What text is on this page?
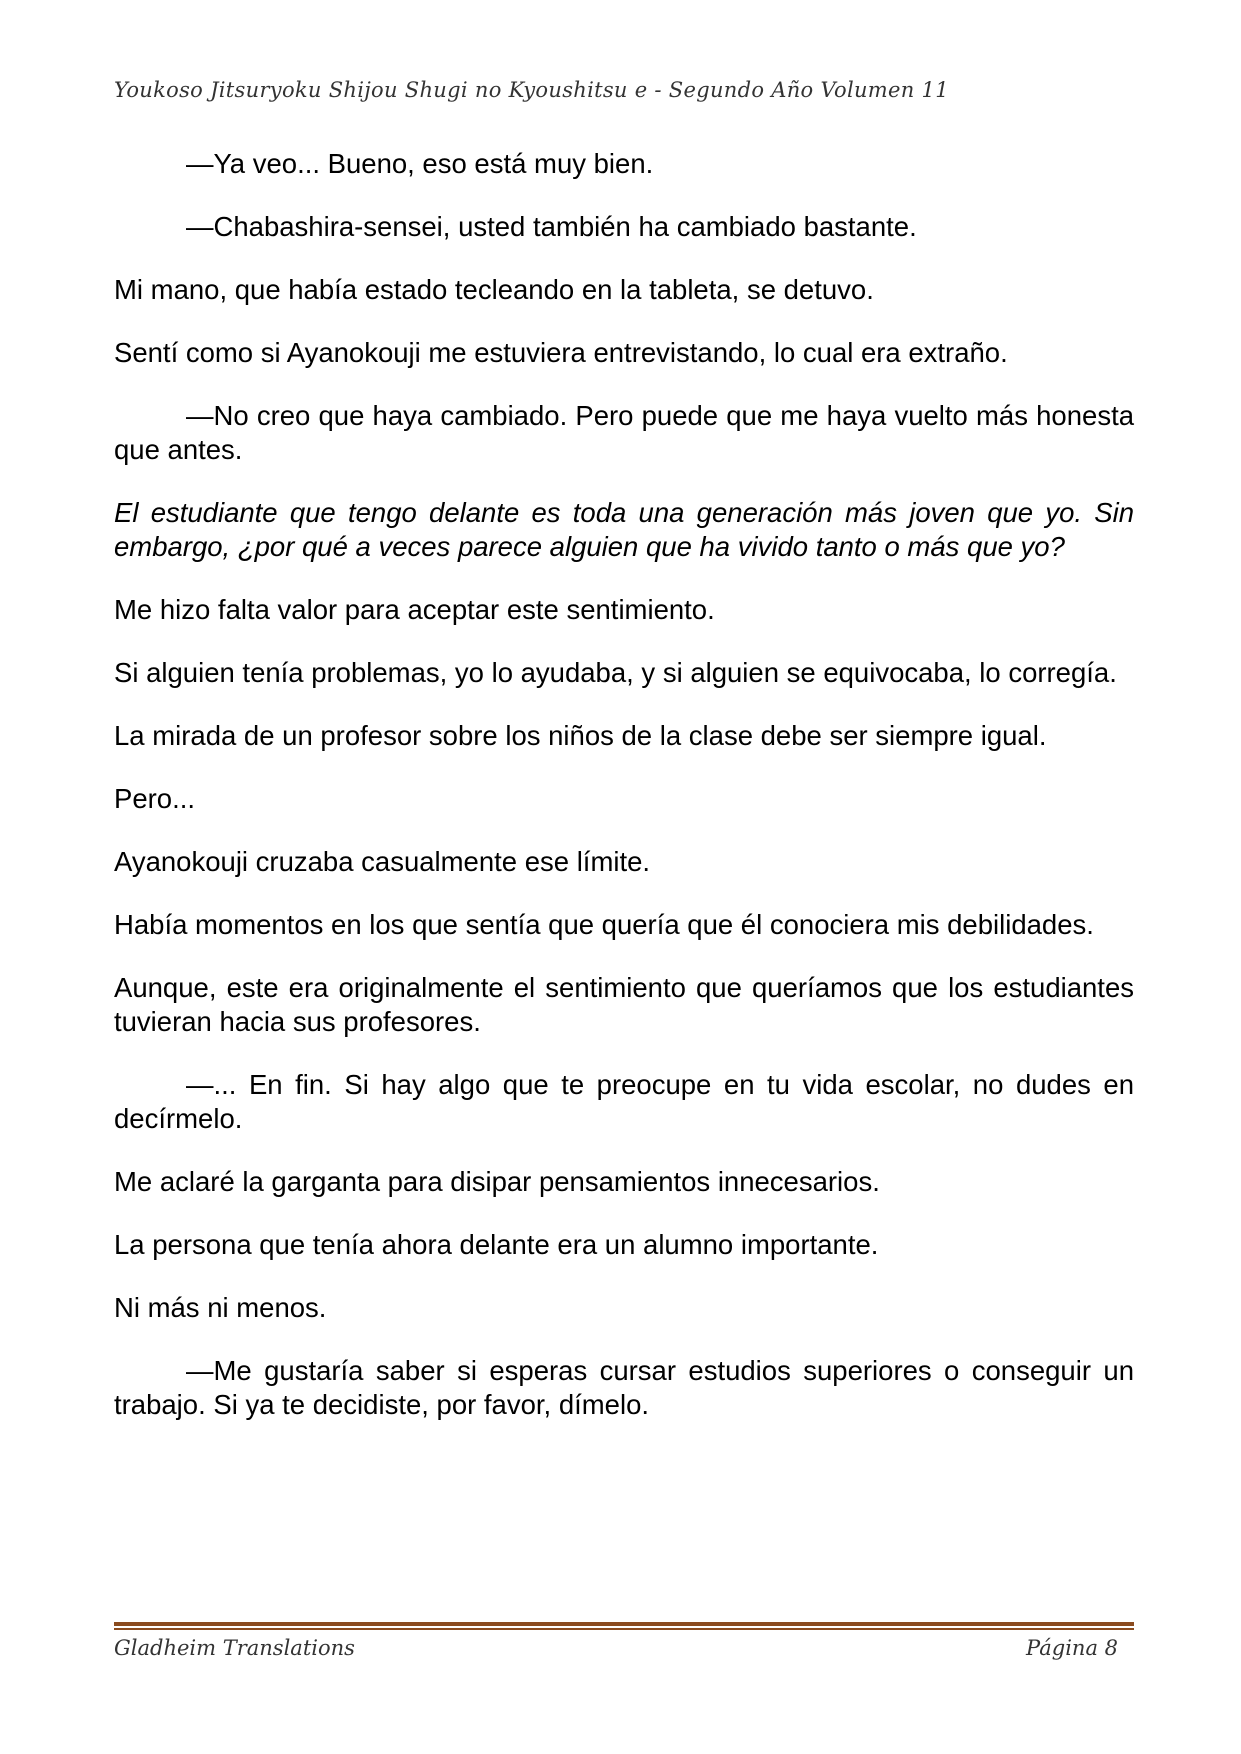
Youkoso Jitsuryoku Shijou Shugi no Kyoushitsu e - Segundo Año Volumen 11

—Ya veo... Bueno, eso está muy bien.

—Chabashira-sensei, usted también ha cambiado bastante.

Mi mano, que había estado tecleando en la tableta, se detuvo.

Sentí como si Ayanokouji me estuviera entrevistando, lo cual era extraño.

—No creo que haya cambiado. Pero puede que me haya vuelto más honesta que antes.

El estudiante que tengo delante es toda una generación más joven que yo. Sin embargo, ¿por qué a veces parece alguien que ha vivido tanto o más que yo?

Me hizo falta valor para aceptar este sentimiento.

Si alguien tenía problemas, yo lo ayudaba, y si alguien se equivocaba, lo corregía.

La mirada de un profesor sobre los niños de la clase debe ser siempre igual.

Pero...

Ayanokouji cruzaba casualmente ese límite.

Había momentos en los que sentía que quería que él conociera mis debilidades.

Aunque, este era originalmente el sentimiento que queríamos que los estudiantes tuvieran hacia sus profesores.

—... En fin. Si hay algo que te preocupe en tu vida escolar, no dudes en decírmelo.

Me aclaré la garganta para disipar pensamientos innecesarios.

La persona que tenía ahora delante era un alumno importante.

Ni más ni menos.

—Me gustaría saber si esperas cursar estudios superiores o conseguir un trabajo. Si ya te decidiste, por favor, dímelo.

Gladheim Translations	Página 8
